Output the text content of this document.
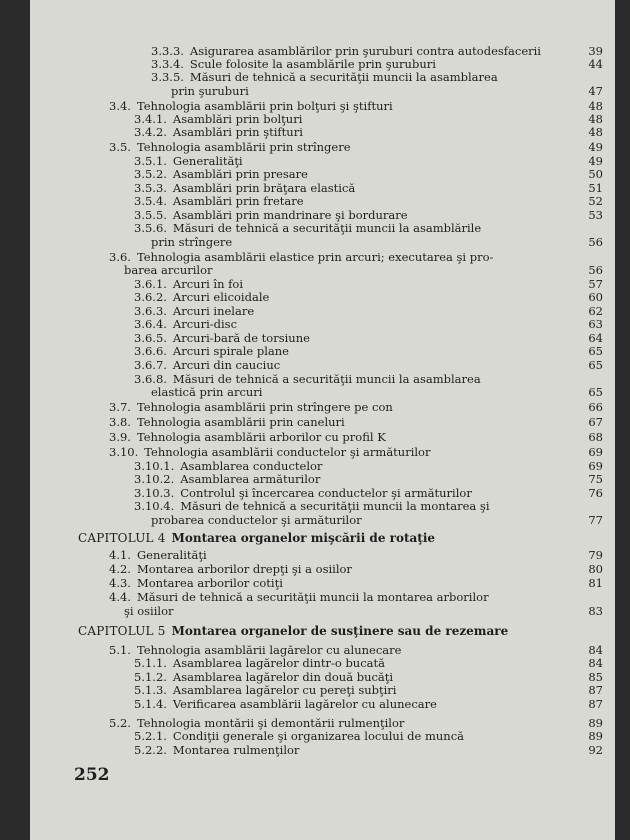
3.3.3. Asigurarea asamblărilor prin şuruburi contra autodesfacerii	39
3.3.4. Scule folosite la asamblările prin şuruburi	44
3.3.5. Măsuri de tehnică a securităţii muncii la asamblarea
prin şuruburi	47
3.4. Tehnologia asamblării prin bolţuri şi ştifturi	48
3.4.1. Asamblări prin bolţuri	48
3.4.2. Asamblări prin ştifturi	48
3.5. Tehnologia asamblării prin strîngere	49
3.5.1. Generalităţi	49
3.5.2. Asamblări prin presare	50
3.5.3. Asamblări prin brăţara elastică	51
3.5.4. Asamblări prin fretare	52
3.5.5. Asamblări prin mandrinare şi bordurare	53
3.5.6. Măsuri de tehnică a securităţii muncii la asamblările
prin strîngere	56
3.6. Tehnologia asamblării elastice prin arcuri; executarea şi pro-
barea arcurilor	56
3.6.1. Arcuri în foi	57
3.6.2. Arcuri elicoidale	60
3.6.3. Arcuri inelare	62
3.6.4. Arcuri-disc	63
3.6.5. Arcuri-bară de torsiune	64
3.6.6. Arcuri spirale plane	65
3.6.7. Arcuri din cauciuc	65
3.6.8. Măsuri de tehnică a securităţii muncii la asamblarea
elastică prin arcuri	65
3.7. Tehnologia asamblării prin strîngere pe con	66
3.8. Tehnologia asamblării prin caneluri	67
3.9. Tehnologia asamblării arborilor cu profil K	68
3.10. Tehnologia asamblării conductelor şi armăturilor	69
3.10.1. Asamblarea conductelor	69
3.10.2. Asamblarea armăturilor	75
3.10.3. Controlul şi încercarea conductelor şi armăturilor	76
3.10.4. Măsuri de tehnică a securităţii muncii la montarea şi
probarea conductelor şi armăturilor	77
CAPITOLUL 4 Montarea organelor mişcării de rotaţie
4.1. Generalităţi	79
4.2. Montarea arborilor drepţi şi a osiilor	80
4.3. Montarea arborilor cotiţi	81
4.4. Măsuri de tehnică a securităţii muncii la montarea arborilor
şi osiilor	83
CAPITOLUL 5 Montarea organelor de susţinere sau de rezemare
5.1. Tehnologia asamblării lagărelor cu alunecare	84
5.1.1. Asamblarea lagărelor dintr-o bucată	84
5.1.2. Asamblarea lagărelor din două bucăţi	85
5.1.3. Asamblarea lagărelor cu pereţi subţiri	87
5.1.4. Verificarea asamblării lagărelor cu alunecare	87
5.2. Tehnologia montării şi demontării rulmenţilor	89
5.2.1. Condiţii generale şi organizarea locului de muncă	89
5.2.2. Montarea rulmenţilor	92
252
